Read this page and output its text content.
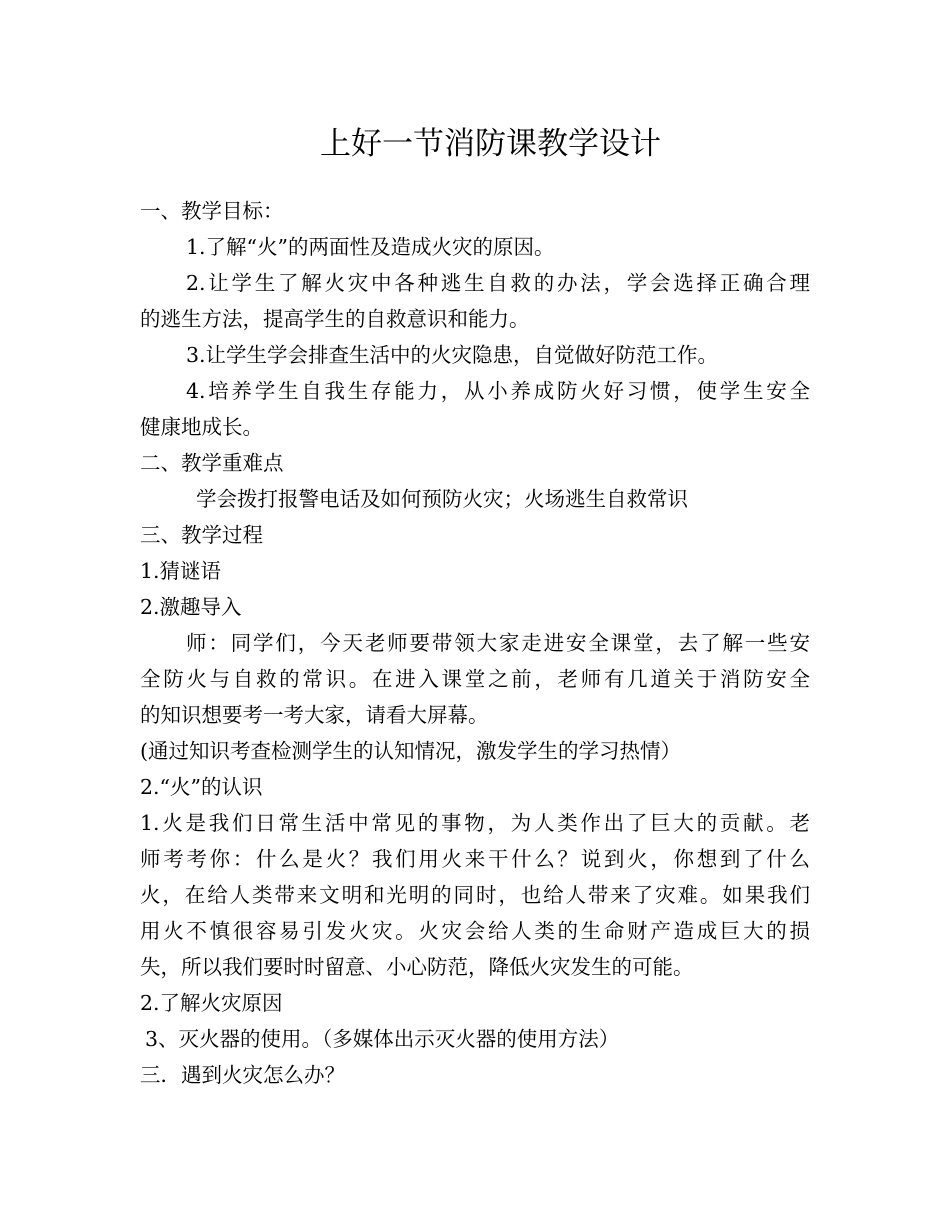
上好一节消防课教学设计
一、教学目标：
1.了解“火”的两面性及造成火灾的原因。
2.让学生了解火灾中各种逃生自救的办法，学会选择正确合理
的逃生方法，提高学生的自救意识和能力。
3.让学生学会排查生活中的火灾隐患，自觉做好防范工作。
4.培养学生自我生存能力，从小养成防火好习惯，使学生安全
健康地成长。
二、教学重难点
学会拨打报警电话及如何预防火灾；火场逃生自救常识
三、教学过程
1.猜谜语
2.激趣导入
师：同学们，今天老师要带领大家走进安全课堂，去了解一些安
全防火与自救的常识。在进入课堂之前，老师有几道关于消防安全
的知识想要考一考大家，请看大屏幕。
(通过知识考查检测学生的认知情况，激发学生的学习热情）
2.“火”的认识
1.火是我们日常生活中常见的事物，为人类作出了巨大的贡献。老
师考考你：什么是火？我们用火来干什么？说到火，你想到了什么
火，在给人类带来文明和光明的同时，也给人带来了灾难。如果我们
用火不慎很容易引发火灾。火灾会给人类的生命财产造成巨大的损
失，所以我们要时时留意、小心防范，降低火灾发生的可能。
2.了解火灾原因
3、灭火器的使用。（多媒体出示灭火器的使用方法）
三．遇到火灾怎么办？
